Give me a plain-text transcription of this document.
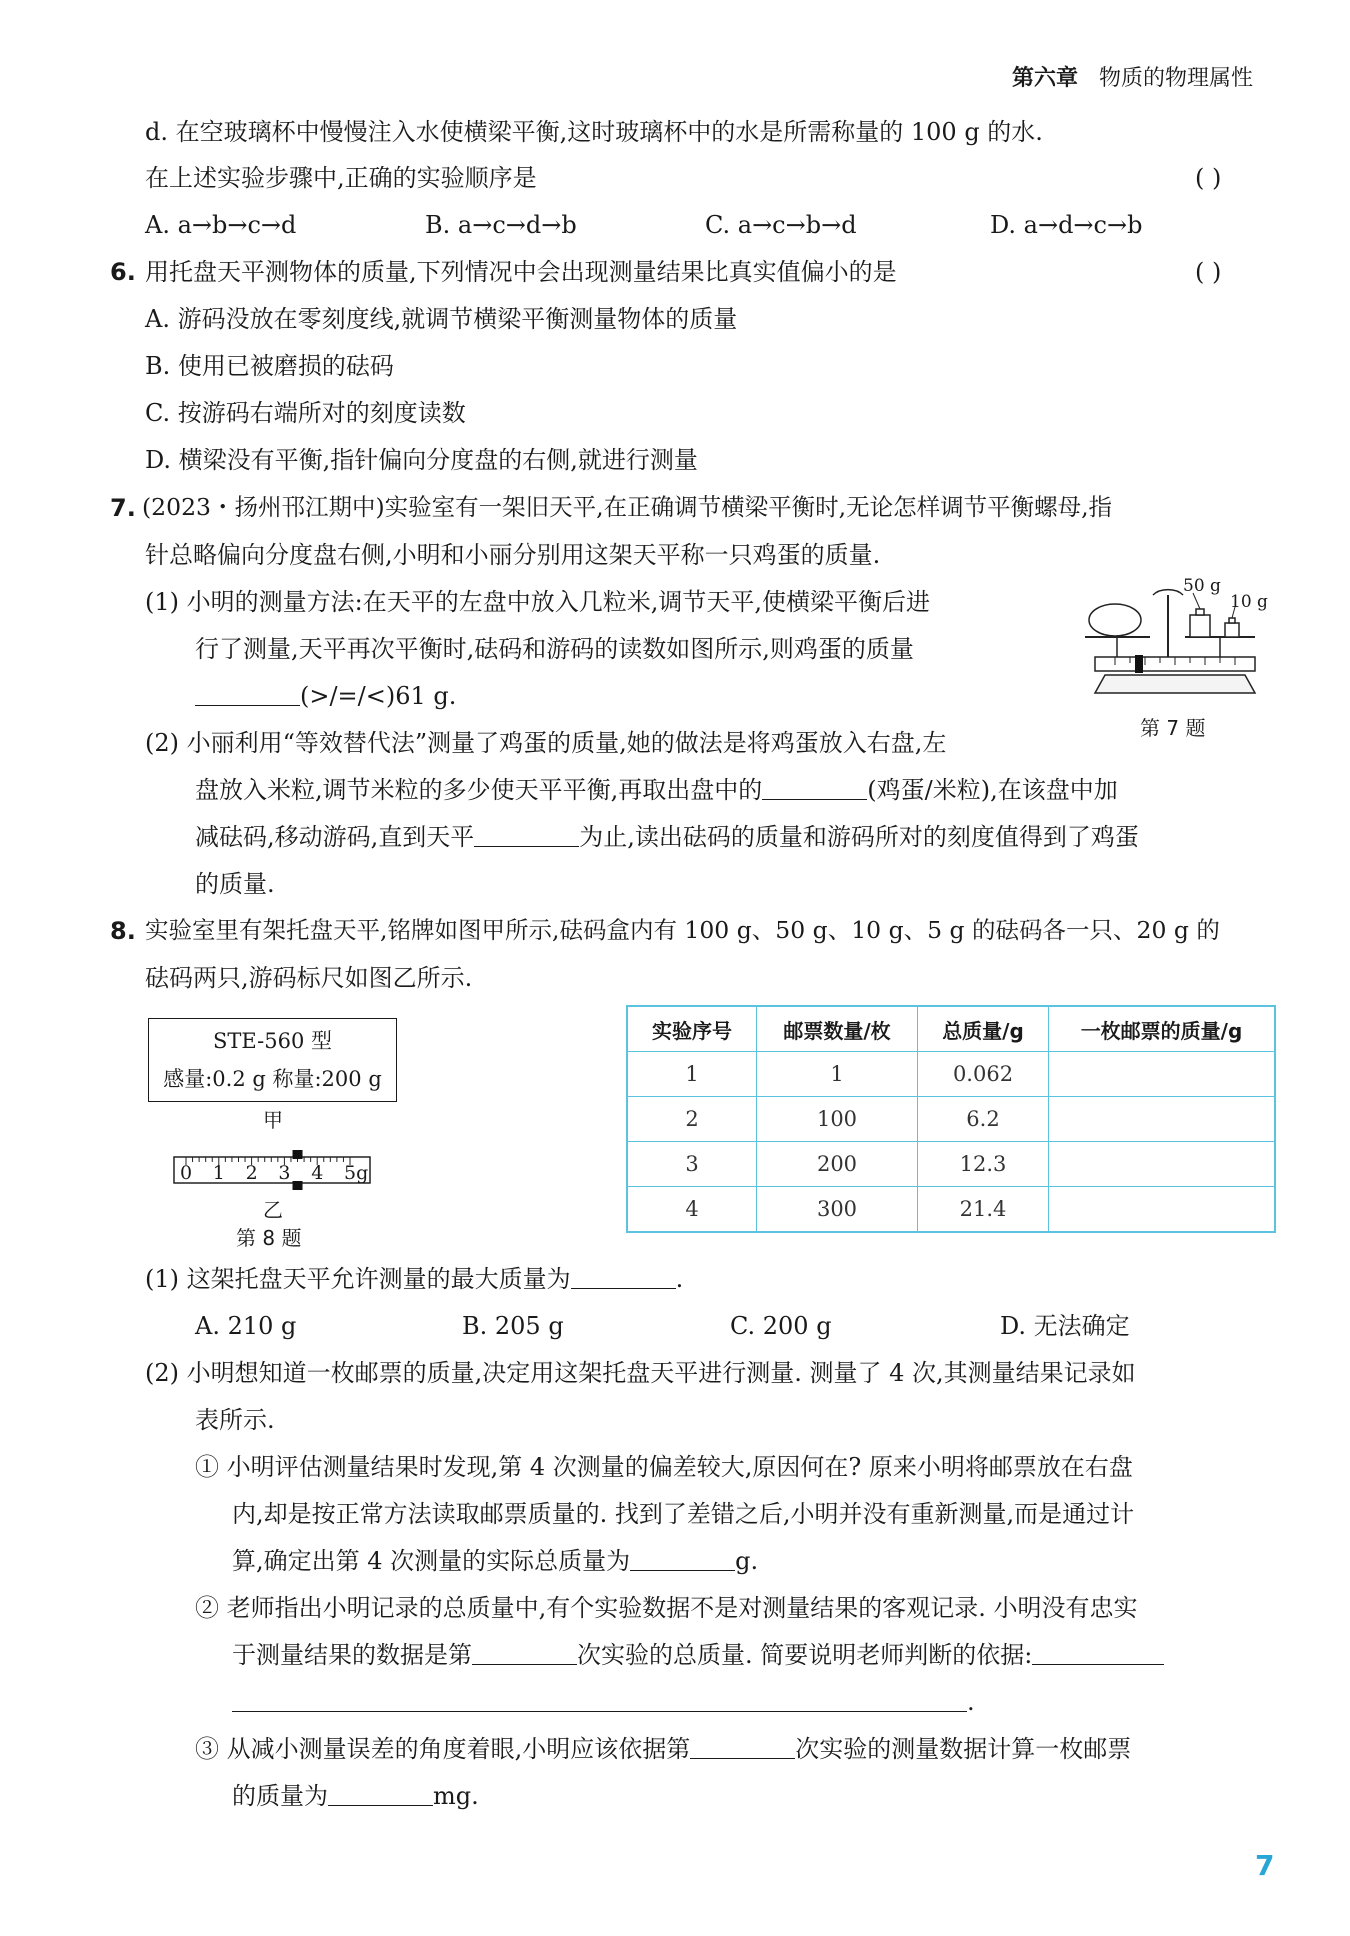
第六章 物质的物理属性
d. 在空玻璃杯中慢慢注入水使横梁平衡,这时玻璃杯中的水是所需称量的 100 g 的水.
在上述实验步骤中,正确的实验顺序是	( )
A. a→b→c→d	B. a→c→d→b	C. a→c→b→d	D. a→d→c→b
6. 用托盘天平测物体的质量,下列情况中会出现测量结果比真实值偏小的是	( )
A. 游码没放在零刻度线,就调节横梁平衡测量物体的质量
B. 使用已被磨损的砝码
C. 按游码右端所对的刻度读数
D. 横梁没有平衡,指针偏向分度盘的右侧,就进行测量
7. (2023・扬州邗江期中)实验室有一架旧天平,在正确调节横梁平衡时,无论怎样调节平衡螺母,指
针总略偏向分度盘右侧,小明和小丽分别用这架天平称一只鸡蛋的质量.
(1) 小明的测量方法:在天平的左盘中放入几粒米,调节天平,使横梁平衡后进
行了测量,天平再次平衡时,砝码和游码的读数如图所示,则鸡蛋的质量
(>/=/<)61 g.
(2) 小丽利用“等效替代法”测量了鸡蛋的质量,她的做法是将鸡蛋放入右盘,左
盘放入米粒,调节米粒的多少使天平平衡,再取出盘中的	(鸡蛋/米粒),在该盘中加
减砝码,移动游码,直到天平	为止,读出砝码的质量和游码所对的刻度值得到了鸡蛋
的质量.
50 g
10 g
第 7 题
8. 实验室里有架托盘天平,铭牌如图甲所示,砝码盒内有 100 g、50 g、10 g、5 g 的砝码各一只、20 g 的
砝码两只,游码标尺如图乙所示.
STE-560 型
感量:0.2 g 称量:200 g
甲
0 1 2 3 4 5g
乙
第 8 题
实验序号	邮票数量/枚	总质量/g	一枚邮票的质量/g
1	1	0.062	
2	100	6.2	
3	200	12.3	
4	300	21.4	
(1) 这架托盘天平允许测量的最大质量为	.
A. 210 g	B. 205 g	C. 200 g	D. 无法确定
(2) 小明想知道一枚邮票的质量,决定用这架托盘天平进行测量. 测量了 4 次,其测量结果记录如
表所示.
① 小明评估测量结果时发现,第 4 次测量的偏差较大,原因何在? 原来小明将邮票放在右盘
内,却是按正常方法读取邮票质量的. 找到了差错之后,小明并没有重新测量,而是通过计
算,确定出第 4 次测量的实际总质量为	g.
② 老师指出小明记录的总质量中,有个实验数据不是对测量结果的客观记录. 小明没有忠实
于测量结果的数据是第	次实验的总质量. 简要说明老师判断的依据:
.
③ 从减小测量误差的角度着眼,小明应该依据第	次实验的测量数据计算一枚邮票
的质量为	mg.
7
